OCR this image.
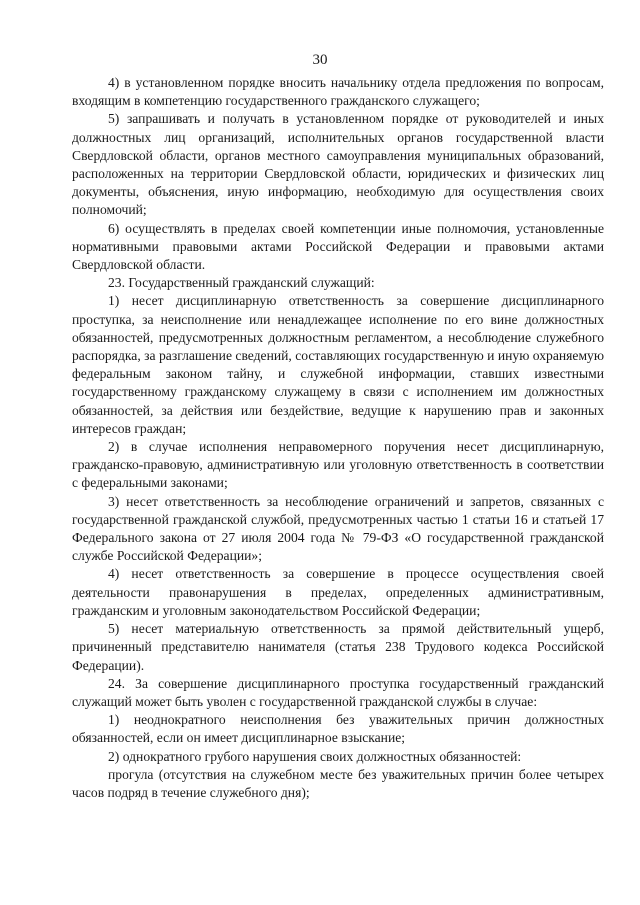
30

4) в установленном порядке вносить начальнику отдела предложения по вопросам, входящим в компетенцию государственного гражданского служащего;

5) запрашивать и получать в установленном порядке от руководителей и иных должностных лиц организаций, исполнительных органов государственной власти Свердловской области, органов местного самоуправления муниципальных образований, расположенных на территории Свердловской области, юридических и физических лиц документы, объяснения, иную информацию, необходимую для осуществления своих полномочий;

6) осуществлять в пределах своей компетенции иные полномочия, установленные нормативными правовыми актами Российской Федерации и правовыми актами Свердловской области.

23. Государственный гражданский служащий:

1) несет дисциплинарную ответственность за совершение дисциплинарного проступка, за неисполнение или ненадлежащее исполнение по его вине должностных обязанностей, предусмотренных должностным регламентом, а несоблюдение служебного распорядка, за разглашение сведений, составляющих государственную и иную охраняемую федеральным законом тайну, и служебной информации, ставших известными государственному гражданскому служащему в связи с исполнением им должностных обязанностей, за действия или бездействие, ведущие к нарушению прав и законных интересов граждан;

2) в случае исполнения неправомерного поручения несет дисциплинарную, гражданско-правовую, административную или уголовную ответственность в соответствии с федеральными законами;

3) несет ответственность за несоблюдение ограничений и запретов, связанных с государственной гражданской службой, предусмотренных частью 1 статьи 16 и статьей 17 Федерального закона от 27 июля 2004 года № 79-ФЗ «О государственной гражданской службе Российской Федерации»;

4) несет ответственность за совершение в процессе осуществления своей деятельности правонарушения в пределах, определенных административным, гражданским и уголовным законодательством Российской Федерации;

5) несет материальную ответственность за прямой действительный ущерб, причиненный представителю нанимателя (статья 238 Трудового кодекса Российской Федерации).

24. За совершение дисциплинарного проступка государственный гражданский служащий может быть уволен с государственной гражданской службы в случае:

1) неоднократного неисполнения без уважительных причин должностных обязанностей, если он имеет дисциплинарное взыскание;

2) однократного грубого нарушения своих должностных обязанностей:

прогула (отсутствия на служебном месте без уважительных причин более четырех часов подряд в течение служебного дня);
